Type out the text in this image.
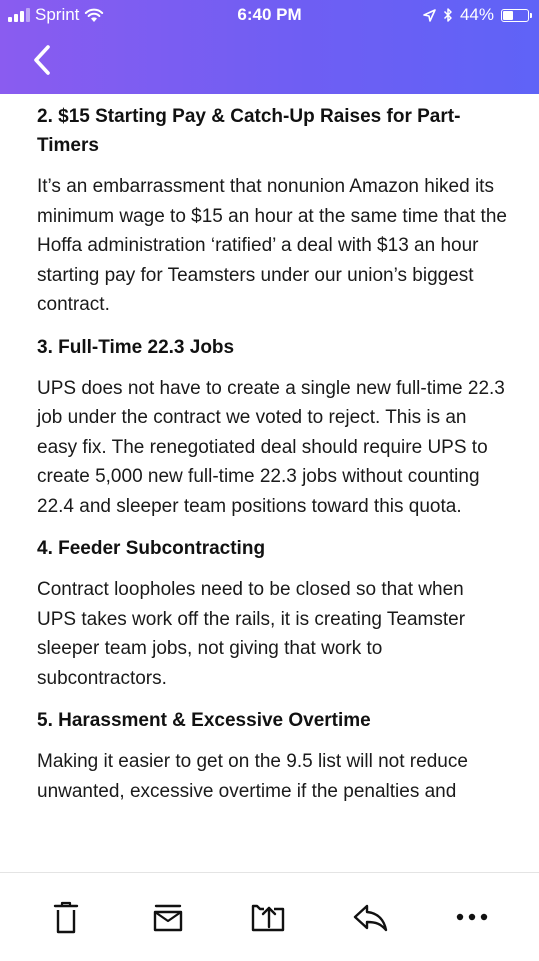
Sprint	6:40 PM	44%
2. $15 Starting Pay & Catch-Up Raises for Part-Timers

It’s an embarrassment that nonunion Amazon hiked its minimum wage to $15 an hour at the same time that the Hoffa administration ‘ratified’ a deal with $13 an hour starting pay for Teamsters under our union’s biggest contract.

3. Full-Time 22.3 Jobs

UPS does not have to create a single new full-time 22.3 job under the contract we voted to reject. This is an easy fix. The renegotiated deal should require UPS to create 5,000 new full-time 22.3 jobs without counting 22.4 and sleeper team positions toward this quota.

4. Feeder Subcontracting

Contract loopholes need to be closed so that when UPS takes work off the rails, it is creating Teamster sleeper team jobs, not giving that work to subcontractors.

5. Harassment & Excessive Overtime

Making it easier to get on the 9.5 list will not reduce unwanted, excessive overtime if the penalties and
